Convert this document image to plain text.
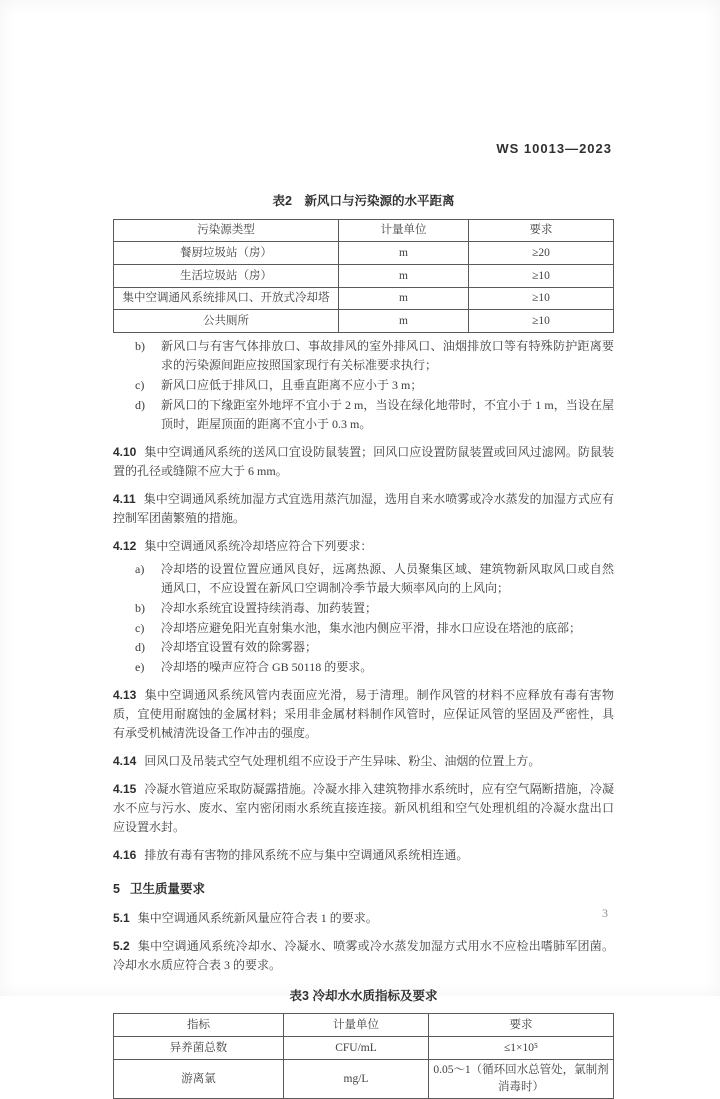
WS 10013—2023
表2　新风口与污染源的水平距离
污染源类型	计量单位	要求
餐厨垃圾站（房）	m	≥20
生活垃圾站（房）	m	≥10
集中空调通风系统排风口、开放式冷却塔	m	≥10
公共厕所	m	≥10
b)	新风口与有害气体排放口、事故排风的室外排风口、油烟排放口等有特殊防护距离要求的污染源间距应按照国家现行有关标准要求执行；
c)	新风口应低于排风口，且垂直距离不应小于 3 m；
d)	新风口的下缘距室外地坪不宜小于 2 m，当设在绿化地带时，不宜小于 1 m，当设在屋顶时，距屋顶面的距离不宜小于 0.3 m。
4.10 集中空调通风系统的送风口宜设防鼠装置；回风口应设置防鼠装置或回风过滤网。防鼠装置的孔径或缝隙不应大于 6 mm。
4.11 集中空调通风系统加湿方式宜选用蒸汽加湿，选用自来水喷雾或冷水蒸发的加湿方式应有控制军团菌繁殖的措施。
4.12 集中空调通风系统冷却塔应符合下列要求：
a)	冷却塔的设置位置应通风良好，远离热源、人员聚集区域、建筑物新风取风口或自然通风口，不应设置在新风口空调制冷季节最大频率风向的上风向；
b)	冷却水系统宜设置持续消毒、加药装置；
c)	冷却塔应避免阳光直射集水池，集水池内侧应平滑，排水口应设在塔池的底部；
d)	冷却塔宜设置有效的除雾器；
e)	冷却塔的噪声应符合 GB 50118 的要求。
4.13 集中空调通风系统风管内表面应光滑，易于清理。制作风管的材料不应释放有毒有害物质，宜使用耐腐蚀的金属材料；采用非金属材料制作风管时，应保证风管的坚固及严密性，具有承受机械清洗设备工作冲击的强度。
4.14 回风口及吊装式空气处理机组不应设于产生异味、粉尘、油烟的位置上方。
4.15 冷凝水管道应采取防凝露措施。冷凝水排入建筑物排水系统时，应有空气隔断措施，冷凝水不应与污水、废水、室内密闭雨水系统直接连接。新风机组和空气处理机组的冷凝水盘出口应设置水封。
4.16 排放有毒有害物的排风系统不应与集中空调通风系统相连通。
5 卫生质量要求
5.1 集中空调通风系统新风量应符合表 1 的要求。
5.2 集中空调通风系统冷却水、冷凝水、喷雾或冷水蒸发加湿方式用水不应检出嗜肺军团菌。冷却水水质应符合表 3 的要求。
表3 冷却水水质指标及要求
指标	计量单位	要求
异养菌总数	CFU/mL	≤1×10⁵
游离氯	mg/L	0.05～1（循环回水总管处，氯制剂消毒时）
3
